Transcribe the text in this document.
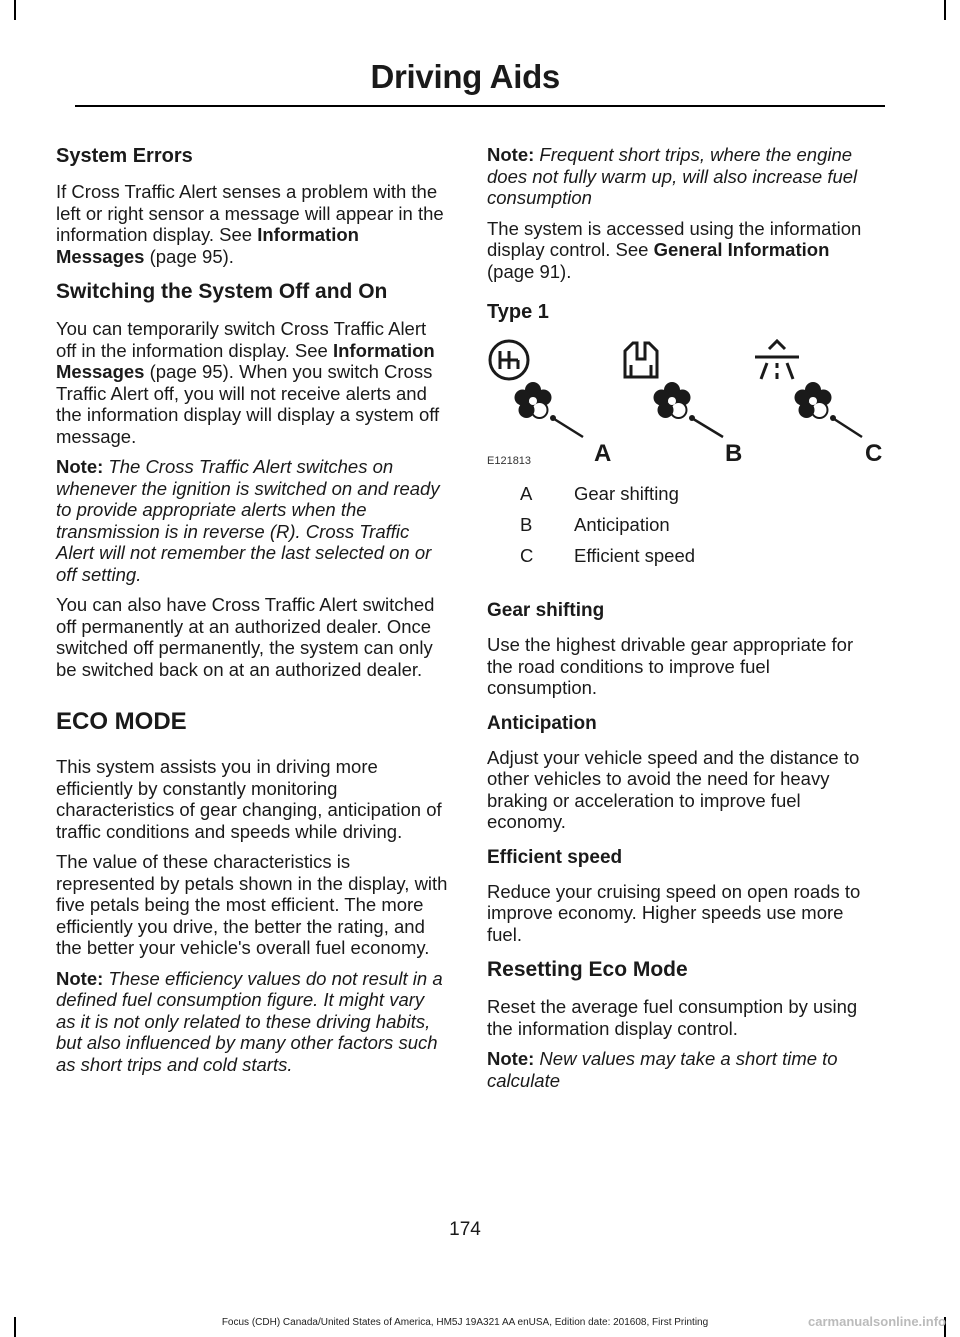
Driving Aids
System Errors

If Cross Traffic Alert senses a problem with the left or right sensor a message will appear in the information display. See Information Messages (page 95).

Switching the System Off and On

You can temporarily switch Cross Traffic Alert off in the information display. See Information Messages (page 95). When you switch Cross Traffic Alert off, you will not receive alerts and the information display will display a system off message.

Note: The Cross Traffic Alert switches on whenever the ignition is switched on and ready to provide appropriate alerts when the transmission is in reverse (R). Cross Traffic Alert will not remember the last selected on or off setting.

You can also have Cross Traffic Alert switched off permanently at an authorized dealer. Once switched off permanently, the system can only be switched back on at an authorized dealer.

ECO MODE

This system assists you in driving more efficiently by constantly monitoring characteristics of gear changing, anticipation of traffic conditions and speeds while driving.

The value of these characteristics is represented by petals shown in the display, with five petals being the most efficient. The more efficiently you drive, the better the rating, and the better your vehicle's overall fuel economy.

Note: These efficiency values do not result in a defined fuel consumption figure. It might vary as it is not only related to these driving habits, but also influenced by many other factors such as short trips and cold starts.

Note: Frequent short trips, where the engine does not fully warm up, will also increase fuel consumption

The system is accessed using the information display control. See General Information (page 91).

Type 1
A	B	C
E121813
A	Gear shifting
B	Anticipation
C	Efficient speed
Gear shifting

Use the highest drivable gear appropriate for the road conditions to improve fuel consumption.

Anticipation

Adjust your vehicle speed and the distance to other vehicles to avoid the need for heavy braking or acceleration to improve fuel economy.

Efficient speed

Reduce your cruising speed on open roads to improve economy. Higher speeds use more fuel.

Resetting Eco Mode

Reset the average fuel consumption by using the information display control.

Note: New values may take a short time to calculate

174
Focus (CDH) Canada/United States of America, HM5J 19A321 AA enUSA, Edition date: 201608, First Printing	carmanualsonline.info
